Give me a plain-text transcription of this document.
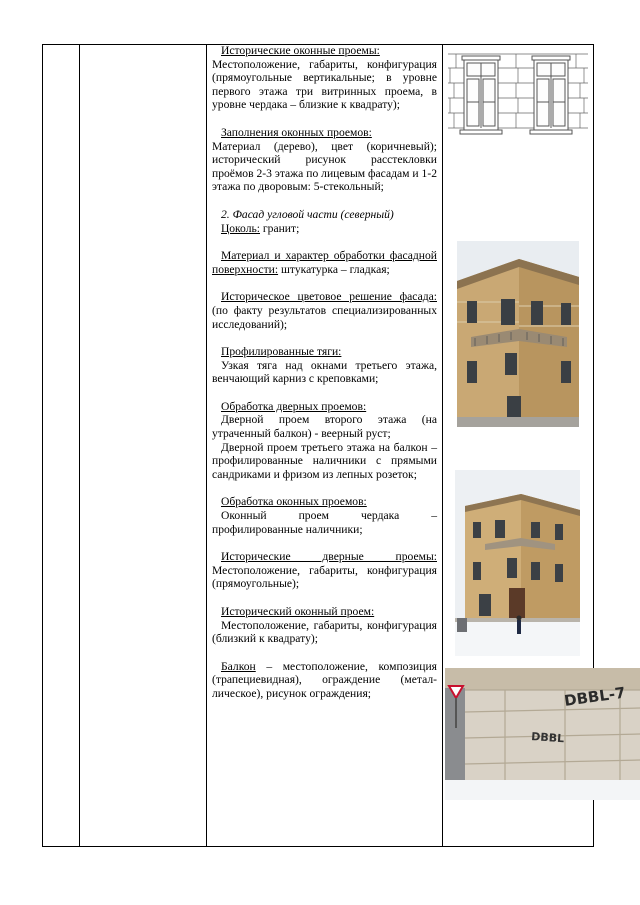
Исторические оконные проемы:

Местоположение, габариты, конфигурация (прямоугольные вертикальные; в уровне первого этажа три витринных проема, в уровне чердака – близкие к квадрату);

Заполнения оконных проемов:

Материал (дерево), цвет (коричневый); исторический рисунок расстекловки проёмов 2-3 этажа по лицевым фасадам и 1-2 этажа по дворовым: 5-стекольный;

2. Фасад угловой части (северный)

Цоколь: гранит;

Материал и характер обработки фасадной поверхности: штукатурка – гладкая;

Историческое цветовое решение фасада: (по факту результатов специализированных исследований);

Профилированные тяги:

Узкая тяга над окнами третьего этажа, венчающий карниз с креповками;

Обработка дверных проемов:

Дверной проем второго этажа (на утраченный балкон) - веерный руст;

Дверной проем третьего этажа на балкон – профилированные наличники с прямыми сандриками и фризом из лепных розеток;

Обработка оконных проемов:

Оконный проем чердака – профилированные наличники;

Исторические дверные проемы: Местоположение, габариты, конфигурация (прямоугольные);

Исторический оконный проем:

Местоположение, габариты, конфигурация (близкий к квадрату);

Балкон – местоположение, композиция (трапециевидная), ограждение (метал-лическое), рисунок ограждения;	DBBL-7
DBBL
